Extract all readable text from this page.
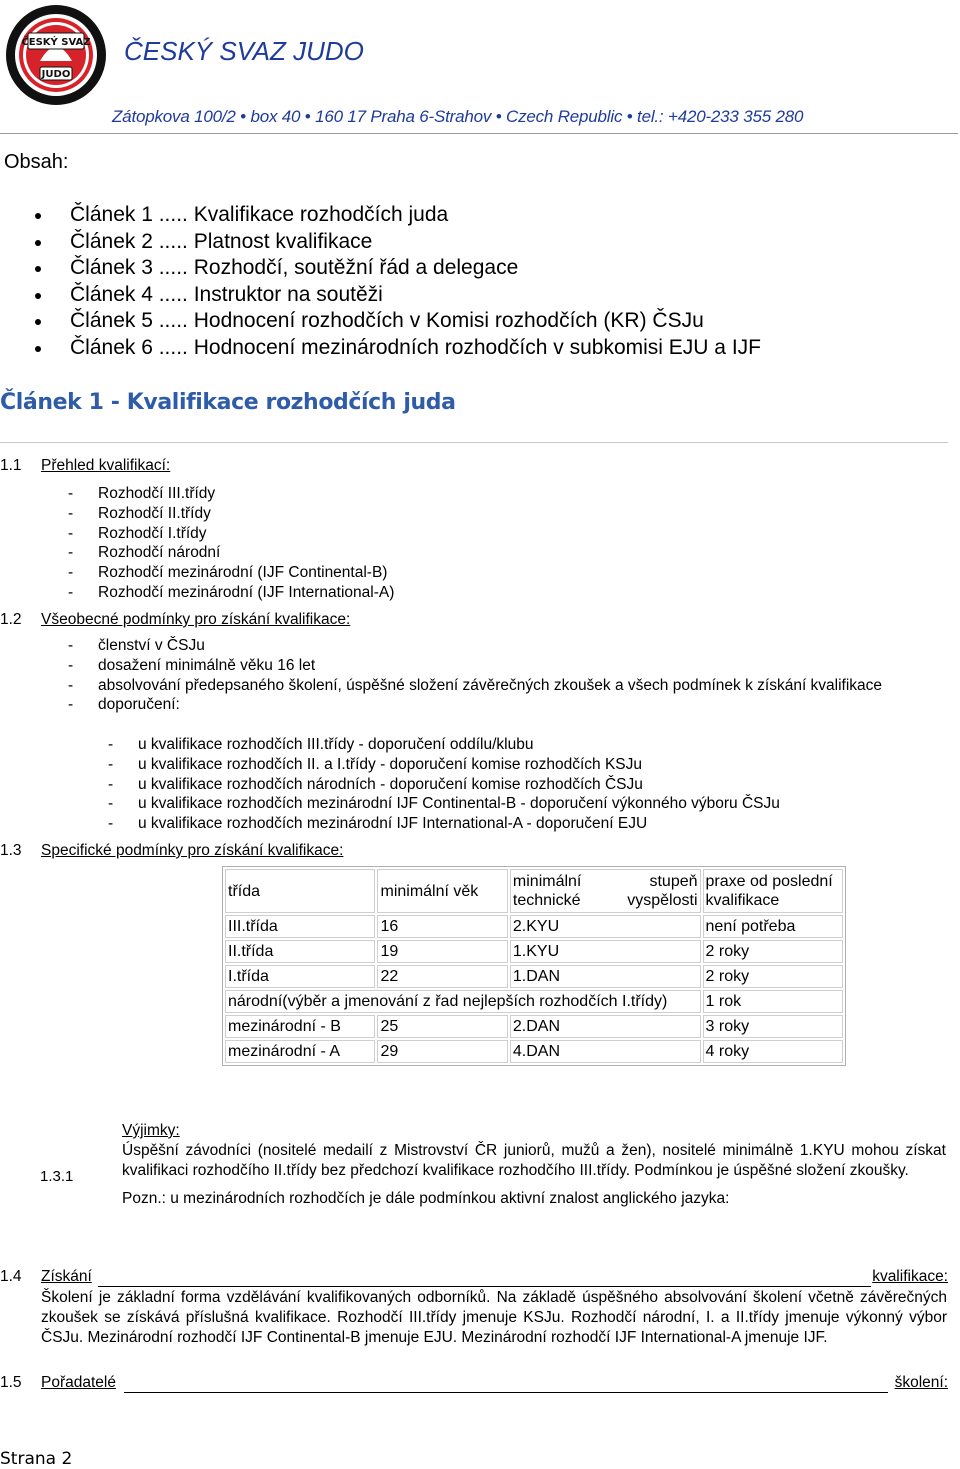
ČESKÝ SVAZ
JUDO
ČESKÝ SVAZ JUDO
Zátopkova 100/2 • box 40 • 160 17 Praha 6-Strahov • Czech Republic • tel.: +420-233 355 280
Obsah:
Článek 1 ..... Kvalifikace rozhodčích juda
Článek 2 ..... Platnost kvalifikace
Článek 3 ..... Rozhodčí, soutěžní řád a delegace
Článek 4 ..... Instruktor na soutěži
Článek 5 ..... Hodnocení rozhodčích v Komisi rozhodčích (KR) ČSJu
Článek 6 ..... Hodnocení mezinárodních rozhodčích v subkomisi EJU a IJF
Článek 1 - Kvalifikace rozhodčích juda
1.1 Přehled kvalifikací:
- Rozhodčí III.třídy
- Rozhodčí II.třídy
- Rozhodčí I.třídy
- Rozhodčí národní
- Rozhodčí mezinárodní (IJF Continental-B)
- Rozhodčí mezinárodní (IJF International-A)
1.2 Všeobecné podmínky pro získání kvalifikace:
- členství v ČSJu
- dosažení minimálně věku 16 let
- absolvování předepsaného školení, úspěšné složení závěrečných zkoušek a všech podmínek k získání kvalifikace
- doporučení:
- u kvalifikace rozhodčích III.třídy - doporučení oddílu/klubu
- u kvalifikace rozhodčích II. a I.třídy - doporučení komise rozhodčích KSJu
- u kvalifikace rozhodčích národních - doporučení komise rozhodčích ČSJu
- u kvalifikace rozhodčích mezinárodní IJF Continental-B - doporučení výkonného výboru ČSJu
- u kvalifikace rozhodčích mezinárodní IJF International-A - doporučení EJU
1.3 Specifické podmínky pro získání kvalifikace:
třída	minimální věk	minimální stupeň technické vyspělosti	praxe od poslední kvalifikace
III.třída	16	2.KYU	není potřeba
II.třída	19	1.KYU	2 roky
I.třída	22	1.DAN	2 roky
národní(výběr a jmenování z řad nejlepších rozhodčích I.třídy)			1 rok
mezinárodní - B	25	2.DAN	3 roky
mezinárodní - A	29	4.DAN	4 roky
1.3.1
Výjimky:
Úspěšní závodníci (nositelé medailí z Mistrovství ČR juniorů, mužů a žen), nositelé minimálně 1.KYU mohou získat kvalifikaci rozhodčího II.třídy bez předchozí kvalifikace rozhodčího III.třídy. Podmínkou je úspěšné složení zkoušky.
Pozn.: u mezinárodních rozhodčích je dále podmínkou aktivní znalost anglického jazyka:
1.4 Získání	kvalifikace:
Školení je základní forma vzdělávání kvalifikovaných odborníků. Na základě úspěšného absolvování školení včetně závěrečných zkoušek se získává příslušná kvalifikace. Rozhodčí III.třídy jmenuje KSJu. Rozhodčí národní, I. a II.třídy jmenuje výkonný výbor ČSJu. Mezinárodní rozhodčí IJF Continental-B jmenuje EJU. Mezinárodní rozhodčí IJF International-A jmenuje IJF.
1.5 Pořadatelé	školení:
Strana 2
